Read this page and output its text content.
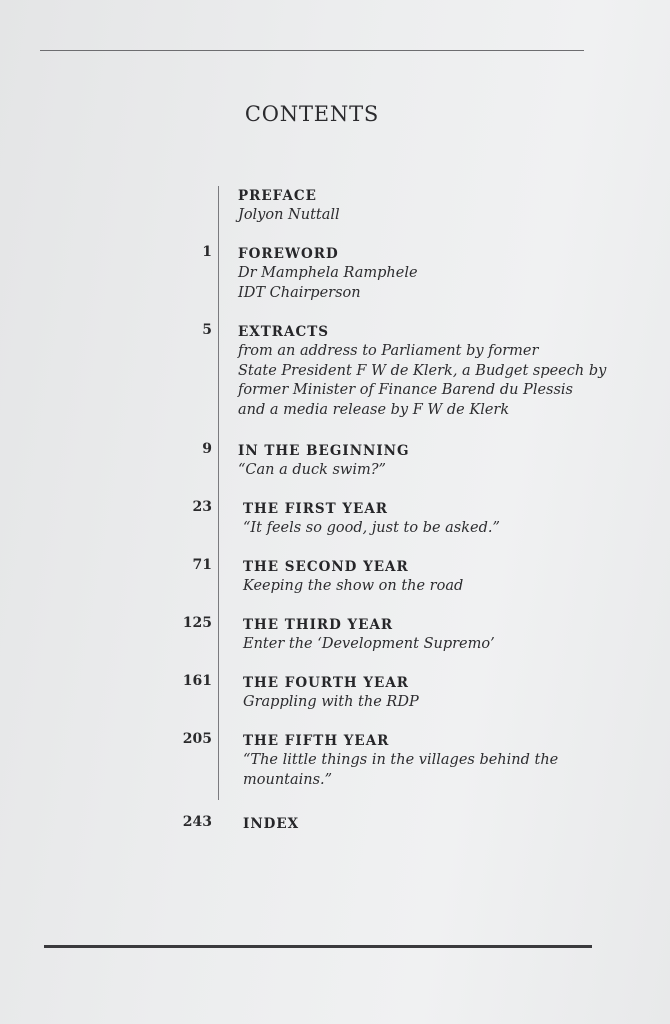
CONTENTS
PREFACE
Jolyon Nuttall
1 FOREWORD
Dr Mamphela Ramphele
IDT Chairperson
5 EXTRACTS
from an address to Parliament by former
State President F W de Klerk, a Budget speech by
former Minister of Finance Barend du Plessis
and a media release by F W de Klerk
9 IN THE BEGINNING
“Can a duck swim?”
23 THE FIRST YEAR
“It feels so good, just to be asked.”
71 THE SECOND YEAR
Keeping the show on the road
125 THE THIRD YEAR
Enter the ‘Development Supremo’
161 THE FOURTH YEAR
Grappling with the RDP
205 THE FIFTH YEAR
“The little things in the villages behind the
mountains.”
243 INDEX
